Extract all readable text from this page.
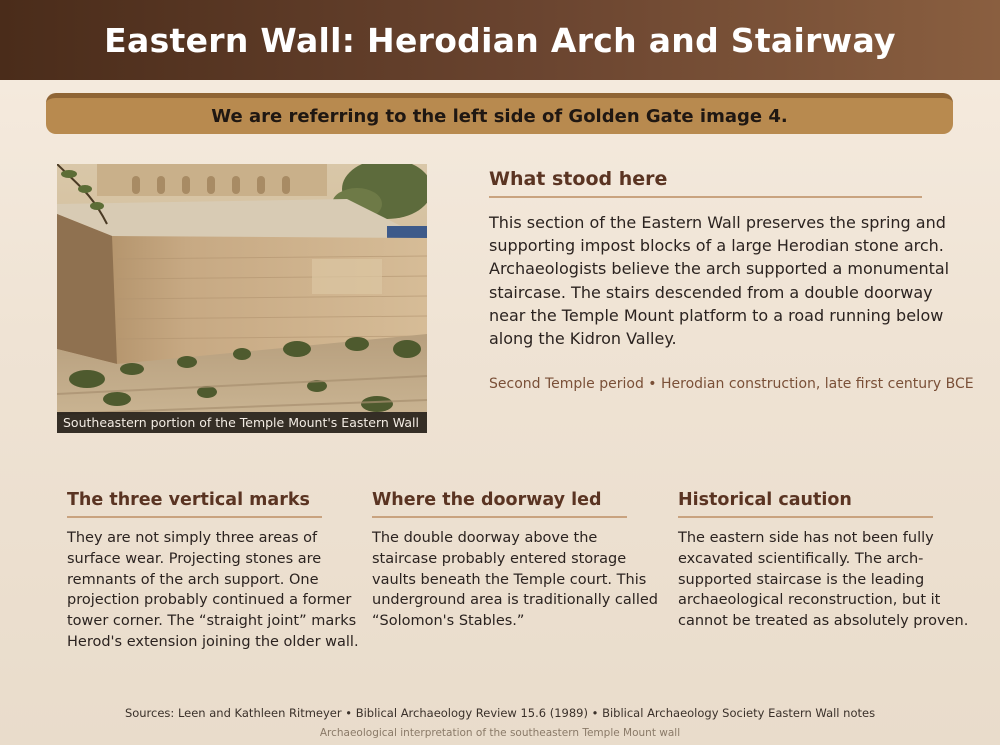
Eastern Wall: Herodian Arch and Stairway
We are referring to the left side of Golden Gate image 4.
Southeastern portion of the Temple Mount's Eastern Wall
What stood here

This section of the Eastern Wall preserves the spring and supporting impost blocks of a large Herodian stone arch. Archaeologists believe the arch supported a monumental staircase. The stairs descended from a double doorway near the Temple Mount platform to a road running below along the Kidron Valley.

Second Temple period • Herodian construction, late first century BCE

The three vertical marks

They are not simply three areas of surface wear. Projecting stones are remnants of the arch support. One projection probably continued a former tower corner. The “straight joint” marks Herod's extension joining the older wall.

Where the doorway led

The double doorway above the staircase probably entered storage vaults beneath the Temple court. This underground area is traditionally called “Solomon's Stables.”

Historical caution

The eastern side has not been fully excavated scientifically. The arch-supported staircase is the leading archaeological reconstruction, but it cannot be treated as absolutely proven.

Sources: Leen and Kathleen Ritmeyer • Biblical Archaeology Review 15.6 (1989) • Biblical Archaeology Society Eastern Wall notes
Archaeological interpretation of the southeastern Temple Mount wall
